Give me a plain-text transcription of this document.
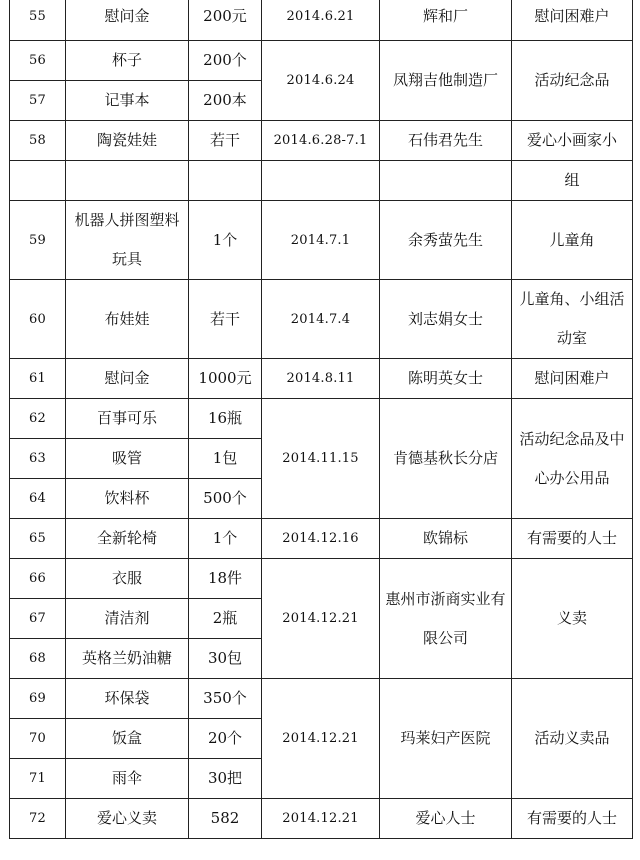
55	慰问金	200元	2014.6.21	辉和厂	慰问困难户
56	杯子	200个	2014.6.24	凤翔吉他制造厂	活动纪念品
57	记事本	200本			
58	陶瓷娃娃	若干	2014.6.28-7.1	石伟君先生	爱心小画家小
					组
59	机器人拼图塑料玩具	1个	2014.7.1	余秀萤先生	儿童角
60	布娃娃	若干	2014.7.4	刘志娟女士	儿童角、小组活动室
61	慰问金	1000元	2014.8.11	陈明英女士	慰问困难户
62	百事可乐	16瓶	2014.11.15	肯德基秋长分店	活动纪念品及中心办公用品
63	吸管	1包			
64	饮料杯	500个			
65	全新轮椅	1个	2014.12.16	欧锦标	有需要的人士
66	衣服	18件	2014.12.21	惠州市浙商实业有限公司	义卖
67	清洁剂	2瓶			
68	英格兰奶油糖	30包			
69	环保袋	350个	2014.12.21	玛莱妇产医院	活动义卖品
70	饭盒	20个			
71	雨伞	30把			
72	爱心义卖	582	2014.12.21	爱心人士	有需要的人士
